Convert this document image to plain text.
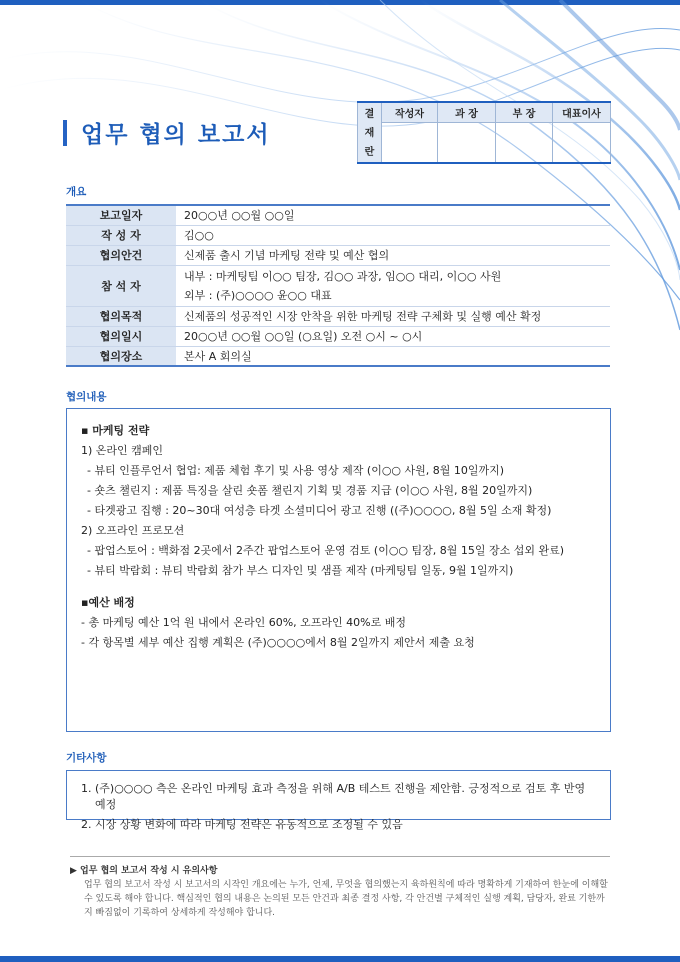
업무 협의 보고서
결
재
란	작성자	과 장	부 장	대표이사

개요
보고일자	20○○년 ○○월 ○○일
작 성 자	김○○
협의안건	신제품 출시 기념 마케팅 전략 및 예산 협의
참 석 자	내부 : 마케팅팀 이○○ 팀장, 김○○ 과장, 임○○ 대리, 이○○ 사원
외부 : (주)○○○○ 윤○○ 대표

협의목적	신제품의 성공적인 시장 안착을 위한 마케팅 전략 구체화 및 실행 예산 확정
협의일시	20○○년 ○○월 ○○일 (○요일) 오전 ○시 ~ ○시
협의장소	본사 A 회의실
협의내용
▪ 마케팅 전략
1) 온라인 캠페인
- 뷰티 인플루언서 협업: 제품 체험 후기 및 사용 영상 제작 (이○○ 사원, 8월 10일까지)
- 숏츠 챌린지 : 제품 특징을 살린 숏폼 챌린지 기획 및 경품 지급 (이○○ 사원, 8월 20일까지)
- 타겟광고 집행 : 20~30대 여성층 타겟 소셜미디어 광고 진행 ((주)○○○○, 8월 5일 소재 확정)
2) 오프라인 프로모션
- 팝업스토어 : 백화점 2곳에서 2주간 팝업스토어 운영 검토 (이○○ 팀장, 8월 15일 장소 섭외 완료)
- 뷰티 박람회 : 뷰티 박람회 참가 부스 디자인 및 샘플 제작 (마케팅팀 일동, 9월 1일까지)
▪예산 배정
- 총 마케팅 예산 1억 원 내에서 온라인 60%, 오프라인 40%로 배정
- 각 항목별 세부 예산 집행 계획은 (주)○○○○에서 8월 2일까지 제안서 제출 요청
기타사항
1. (주)○○○○ 측은 온라인 마케팅 효과 측정을 위해 A/B 테스트 진행을 제안함. 긍정적으로 검토 후 반영 예정
2. 시장 상황 변화에 따라 마케팅 전략은 유동적으로 조정될 수 있음
▶ 업무 협의 보고서 작성 시 유의사항
업무 협의 보고서 작성 시 보고서의 시작인 개요에는 누가, 언제, 무엇을 협의했는지 육하원칙에 따라 명확하게 기재하여 한눈에 이해할 수 있도록 해야 합니다. 핵심적인 협의 내용은 논의된 모든 안건과 최종 결정 사항, 각 안건별 구체적인 실행 계획, 담당자, 완료 기한까지 빠짐없이 기록하여 상세하게 작성해야 합니다.
